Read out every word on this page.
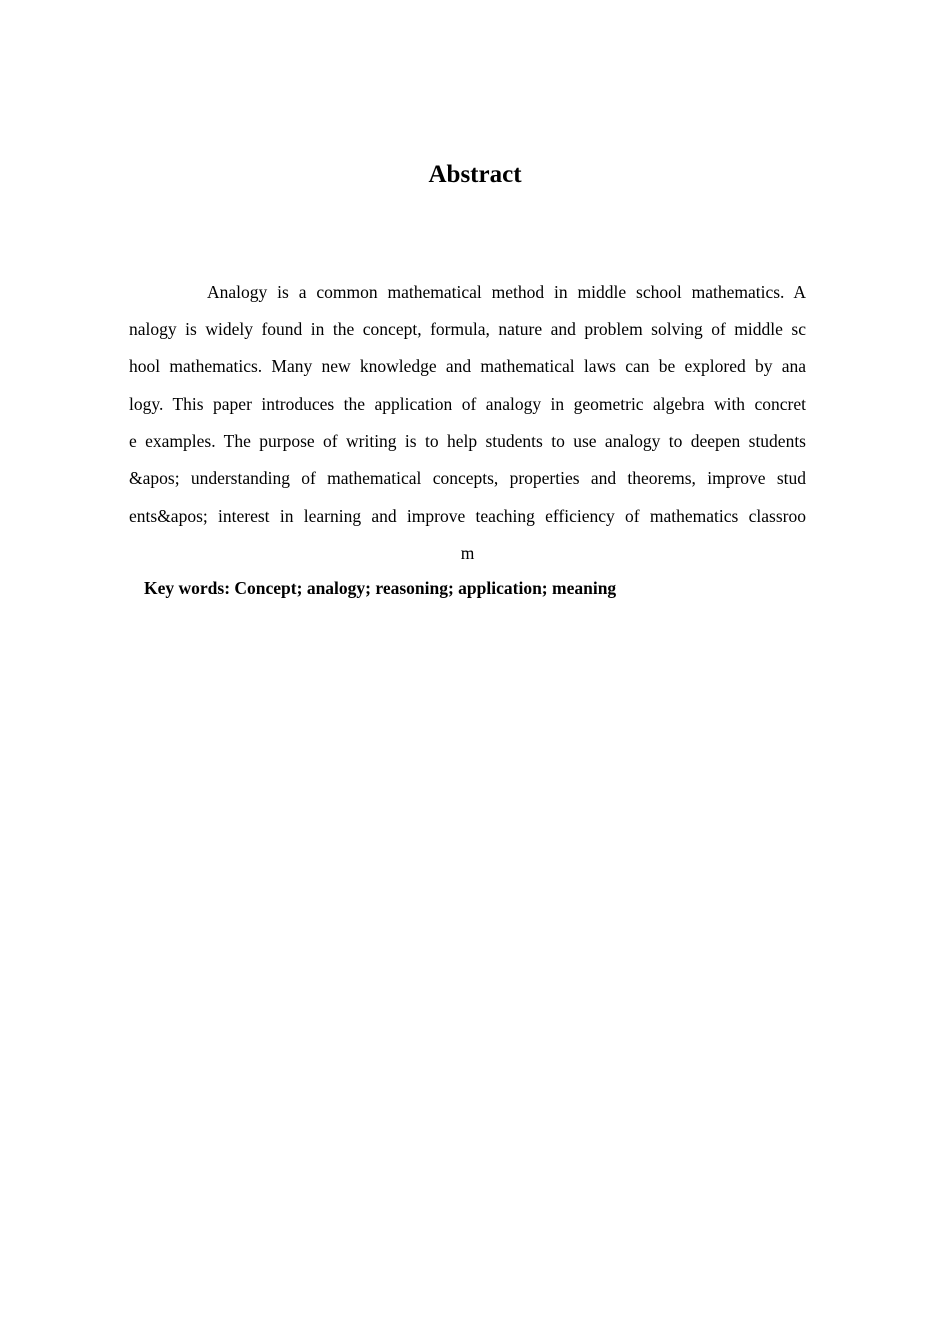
Abstract
Analogy is a common mathematical method in middle school mathematics. A
nalogy is widely found in the concept, formula, nature and problem solving of middle sc
hool mathematics. Many new knowledge and mathematical laws can be explored by ana
logy. This paper introduces the application of analogy in geometric algebra with concret
e examples. The purpose of writing is to help students to use analogy to deepen students
&apos; understanding of mathematical concepts, properties and theorems, improve stud
ents&apos; interest in learning and improve teaching efficiency of mathematics classroo
m
Key words: Concept; analogy; reasoning; application; meaning
